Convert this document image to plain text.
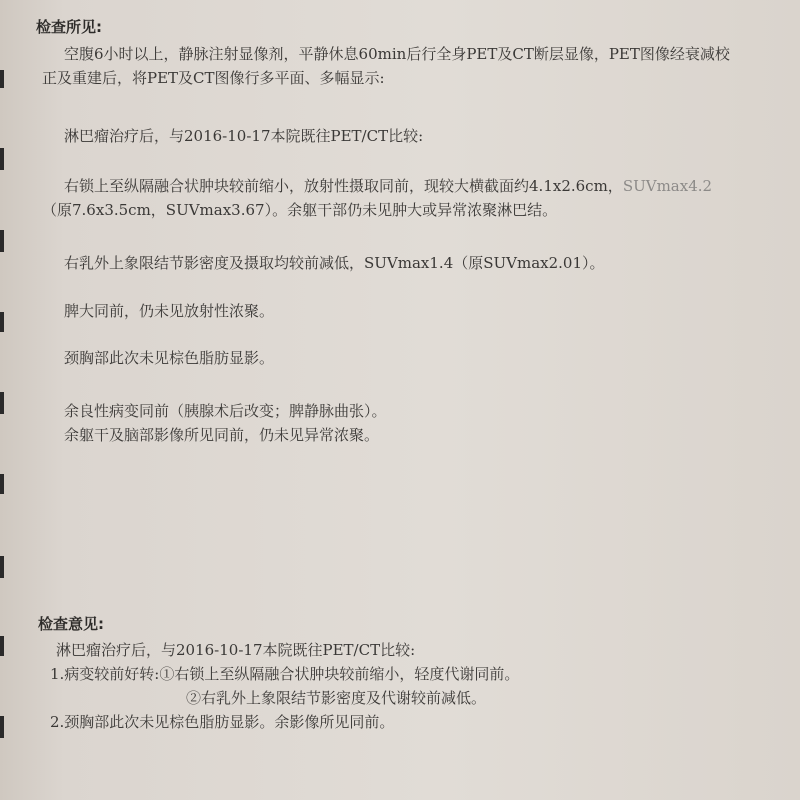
检查所见:
空腹6小时以上，静脉注射显像剂，平静休息60min后行全身PET及CT断层显像，PET图像经衰减校
正及重建后，将PET及CT图像行多平面、多幅显示:
淋巴瘤治疗后，与2016-10-17本院既往PET/CT比较:
右锁上至纵隔融合状肿块较前缩小，放射性摄取同前，现较大横截面约4.1x2.6cm，SUVmax4.2
（原7.6x3.5cm，SUVmax3.67）。余躯干部仍未见肿大或异常浓聚淋巴结。
右乳外上象限结节影密度及摄取均较前减低，SUVmax1.4（原SUVmax2.01）。
脾大同前，仍未见放射性浓聚。
颈胸部此次未见棕色脂肪显影。
余良性病变同前（胰腺术后改变；脾静脉曲张）。
余躯干及脑部影像所见同前，仍未见异常浓聚。
检查意见:
淋巴瘤治疗后，与2016-10-17本院既往PET/CT比较:
1.病变较前好转:①右锁上至纵隔融合状肿块较前缩小，轻度代谢同前。
②右乳外上象限结节影密度及代谢较前减低。
2.颈胸部此次未见棕色脂肪显影。余影像所见同前。
